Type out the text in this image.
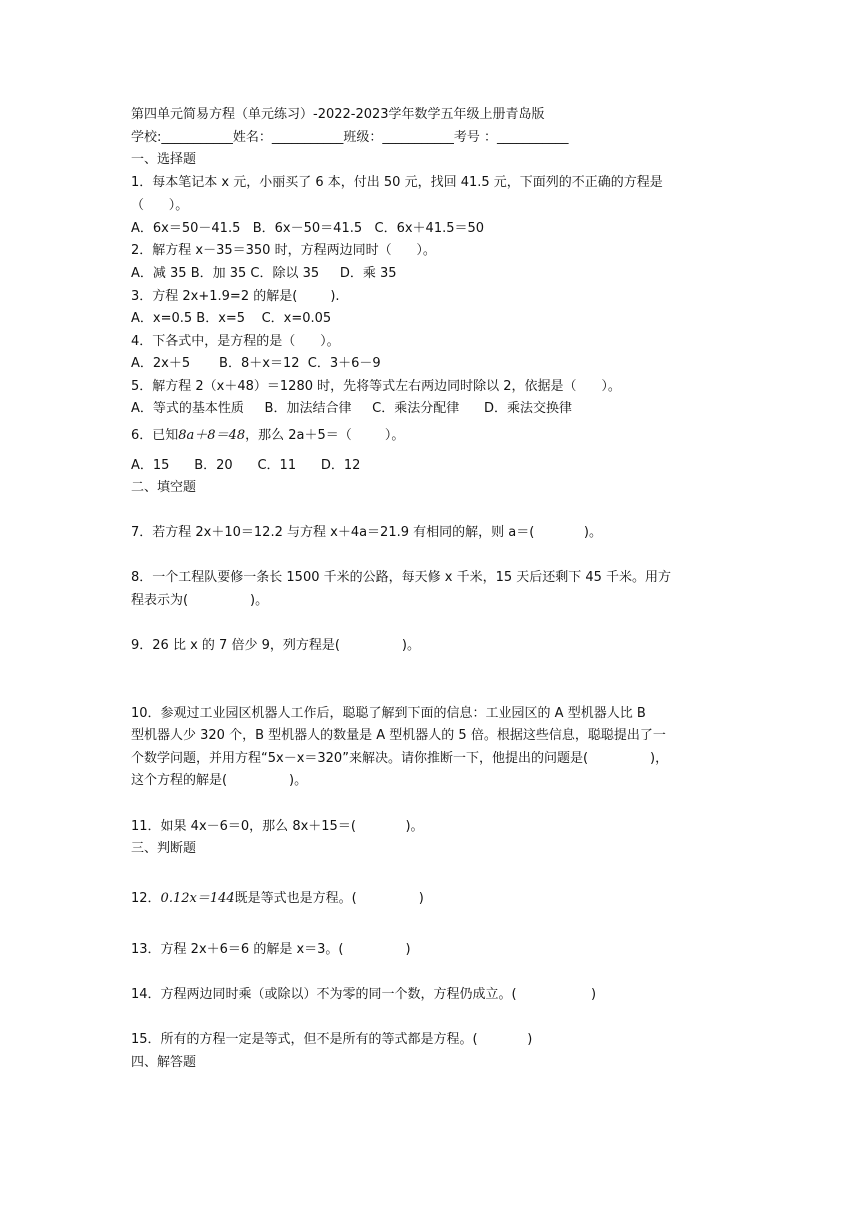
第四单元简易方程（单元练习）-2022-2023学年数学五年级上册青岛版
学校:___________姓名：___________班级：___________考号 ：___________
一、选择题
1．每本笔记本 x 元，小丽买了 6 本，付出 50 元，找回 41.5 元，下面列的不正确的方程是
（      ）。
A．6x＝50－41.5   B．6x－50＝41.5   C．6x＋41.5＝50
2．解方程 x－35＝350 时，方程两边同时（      ）。
A．减 35 B．加 35 C．除以 35     D．乘 35
3．方程 2x+1.9=2 的解是(        ).
A．x=0.5 B．x=5    C．x=0.05
4．下各式中，是方程的是（      ）。
A．2x＋5       B．8＋x＝12  C．3＋6－9
5．解方程 2（x＋48）＝1280 时，先将等式左右两边同时除以 2，依据是（      ）。
A．等式的基本性质     B．加法结合律     C．乘法分配律      D．乘法交换律
6．已知8a＋8＝48，那么 2a＋5＝（        ）。
A．15      B．20      C．11      D．12
二、填空题
7．若方程 2x＋10＝12.2 与方程 x＋4a＝21.9 有相同的解，则 a＝(            )。
8．一个工程队要修一条长 1500 千米的公路，每天修 x 千米，15 天后还剩下 45 千米。用方
程表示为(               )。
9．26 比 x 的 7 倍少 9，列方程是(               )。
10．参观过工业园区机器人工作后，聪聪了解到下面的信息：工业园区的 A 型机器人比 B
型机器人少 320 个，B 型机器人的数量是 A 型机器人的 5 倍。根据这些信息，聪聪提出了一
个数学问题，并用方程“5x－x＝320”来解决。请你推断一下，他提出的问题是(               )，
这个方程的解是(               )。
11．如果 4x－6＝0，那么 8x＋15＝(            )。
三、判断题
12．0.12x＝144既是等式也是方程。(               )
13．方程 2x＋6＝6 的解是 x＝3。(               )
14．方程两边同时乘（或除以）不为零的同一个数，方程仍成立。(                  )
15．所有的方程一定是等式，但不是所有的等式都是方程。(            )
四、解答题
